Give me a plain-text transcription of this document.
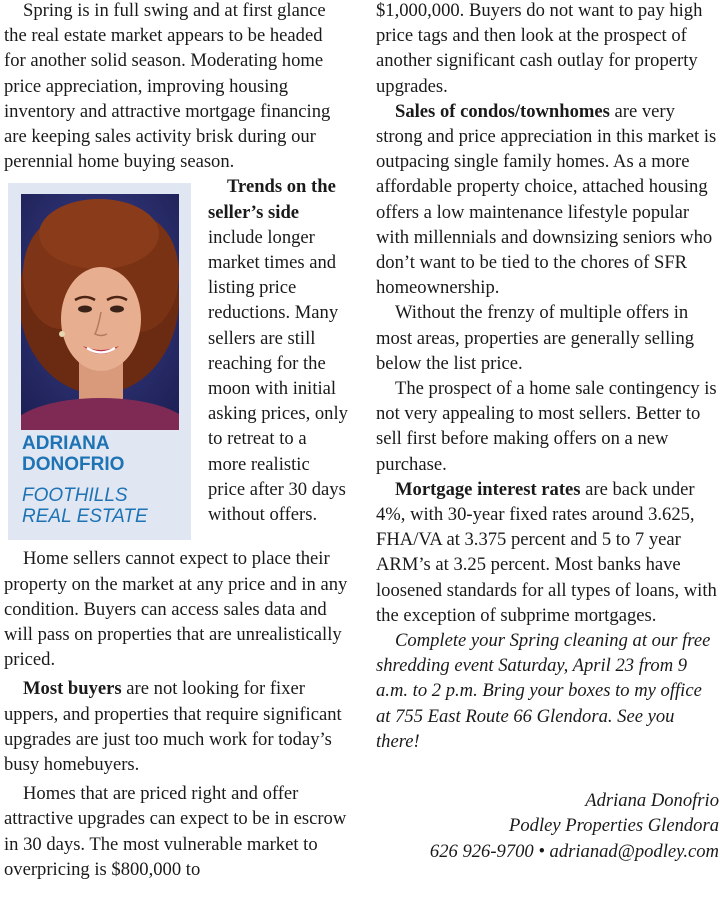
Spring is in full swing and at first glance the real estate market appears to be headed for another solid season. Moderating home price appreciation, improving housing inventory and attractive mortgage financing are keeping sales activity brisk during our perennial home buying season.

ADRIANA
DONOFRIO
FOOTHILLS
REAL ESTATE

Trends on the seller’s side include longer market times and listing price reductions. Many sellers are still reaching for the moon with initial asking prices, only to retreat to a more realistic price after 30 days without offers.

Home sellers cannot expect to place their property on the market at any price and in any condition. Buyers can access sales data and will pass on properties that are unrealistically priced.

Most buyers are not looking for fixer uppers, and properties that require significant upgrades are just too much work for today’s busy homebuyers.

Homes that are priced right and offer attractive upgrades can expect to be in escrow in 30 days. The most vulnerable market to overpricing is $800,000 to

$1,000,000. Buyers do not want to pay high price tags and then look at the prospect of another significant cash outlay for property upgrades.

Sales of condos/townhomes are very strong and price appreciation in this market is outpacing single family homes. As a more affordable property choice, attached housing offers a low maintenance lifestyle popular with millennials and downsizing seniors who don’t want to be tied to the chores of SFR homeownership.

Without the frenzy of multiple offers in most areas, properties are generally selling below the list price.

The prospect of a home sale contingency is not very appealing to most sellers. Better to sell first before making offers on a new purchase.

Mortgage interest rates are back under 4%, with 30-year fixed rates around 3.625, FHA/VA at 3.375 percent and 5 to 7 year ARM’s at 3.25 percent. Most banks have loosened standards for all types of loans, with the exception of subprime mortgages.

Complete your Spring cleaning at our free shredding event Saturday, April 23 from 9 a.m. to 2 p.m. Bring your boxes to my office at 755 East Route 66 Glendora. See you there!

Adriana Donofrio
Podley Properties Glendora
626 926-9700 • adrianad@podley.com
